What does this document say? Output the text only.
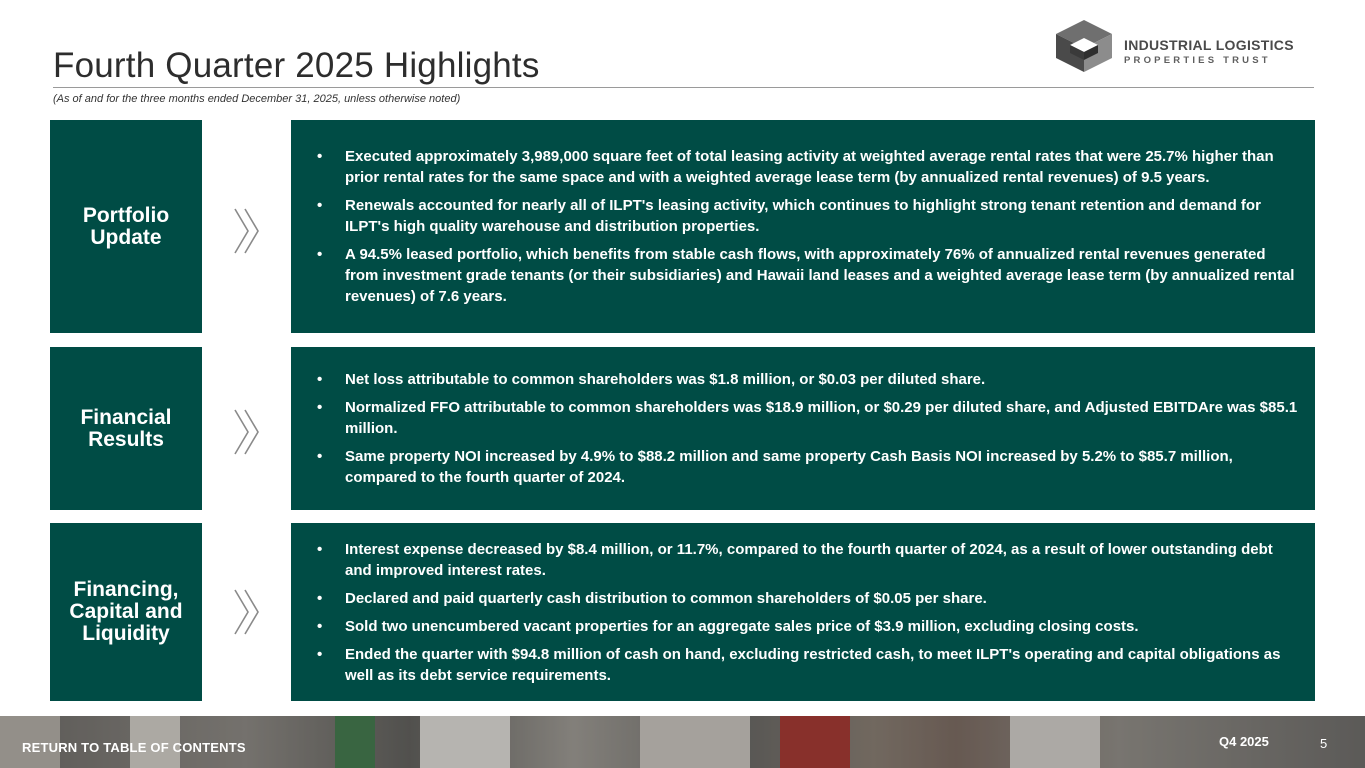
Fourth Quarter 2025 Highlights
(As of and for the three months ended December 31, 2025, unless otherwise noted)
INDUSTRIAL LOGISTICS
PROPERTIES TRUST
Portfolio
Update
• Executed approximately 3,989,000 square feet of total leasing activity at weighted average rental rates that were 25.7% higher than prior rental rates for the same space and with a weighted average lease term (by annualized rental revenues) of 9.5 years.
• Renewals accounted for nearly all of ILPT's leasing activity, which continues to highlight strong tenant retention and demand for ILPT's high quality warehouse and distribution properties.
• A 94.5% leased portfolio, which benefits from stable cash flows, with approximately 76% of annualized rental revenues generated from investment grade tenants (or their subsidiaries) and Hawaii land leases and a weighted average lease term (by annualized rental revenues) of 7.6 years.
Financial
Results
• Net loss attributable to common shareholders was $1.8 million, or $0.03 per diluted share.
• Normalized FFO attributable to common shareholders was $18.9 million, or $0.29 per diluted share, and Adjusted EBITDAre was $85.1 million.
• Same property NOI increased by 4.9% to $88.2 million and same property Cash Basis NOI increased by 5.2% to $85.7 million, compared to the fourth quarter of 2024.
Financing,
Capital and
Liquidity
• Interest expense decreased by $8.4 million, or 11.7%, compared to the fourth quarter of 2024, as a result of lower outstanding debt and improved interest rates.
• Declared and paid quarterly cash distribution to common shareholders of $0.05 per share.
• Sold two unencumbered vacant properties for an aggregate sales price of $3.9 million, excluding closing costs.
• Ended the quarter with $94.8 million of cash on hand, excluding restricted cash, to meet ILPT's operating and capital obligations as well as its debt service requirements.
RETURN TO TABLE OF CONTENTS	Q4 2025	5
